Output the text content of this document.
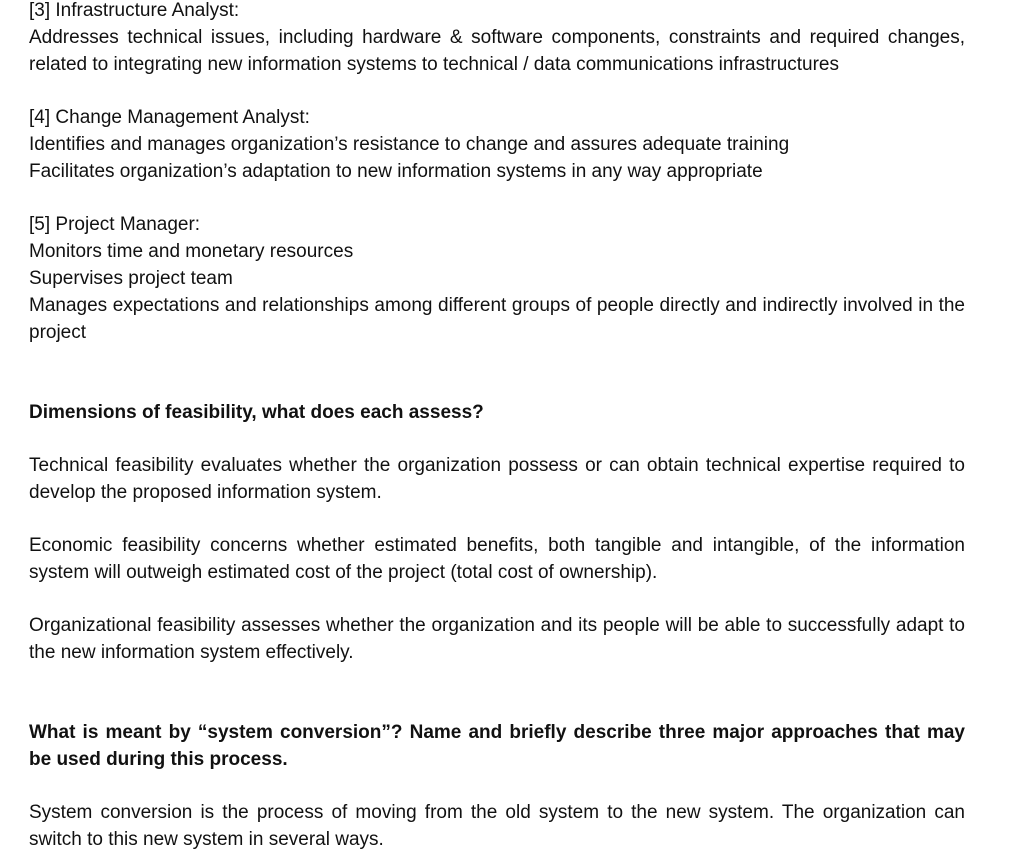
[3] Infrastructure Analyst:

Addresses technical issues, including hardware & software components, constraints and required changes, related to integrating new information systems to technical / data communications infrastructures

[4] Change Management Analyst:

Identifies and manages organization’s resistance to change and assures adequate training

Facilitates organization’s adaptation to new information systems in any way appropriate

[5] Project Manager:

Monitors time and monetary resources

Supervises project team

Manages expectations and relationships among different groups of people directly and indirectly involved in the project

Dimensions of feasibility, what does each assess?

Technical feasibility evaluates whether the organization possess or can obtain technical expertise required to develop the proposed information system.

Economic feasibility concerns whether estimated benefits, both tangible and intangible, of the information system will outweigh estimated cost of the project (total cost of ownership).

Organizational feasibility assesses whether the organization and its people will be able to successfully adapt to the new information system effectively.

What is meant by “system conversion”? Name and briefly describe three major approaches that may be used during this process.

System conversion is the process of moving from the old system to the new system. The organization can switch to this new system in several ways.
